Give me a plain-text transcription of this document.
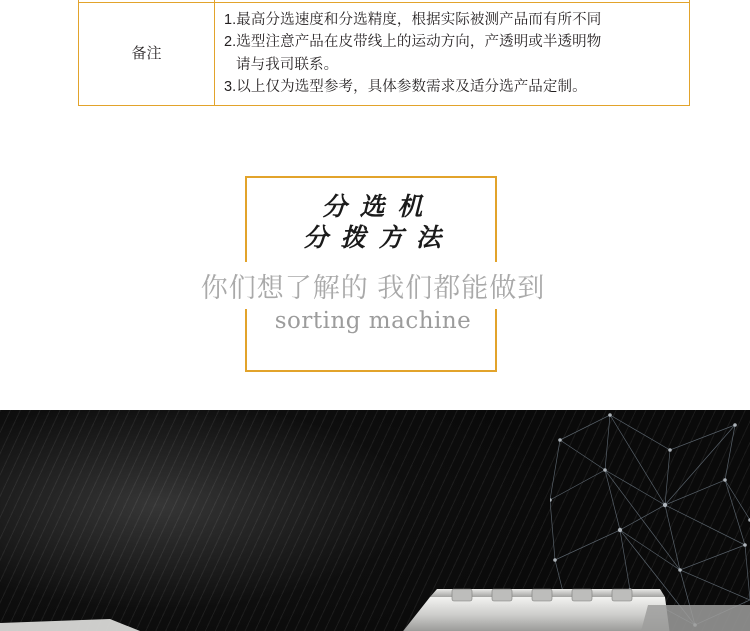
备注	1.最高分选速度和分选精度，根据实际被测产品而有所不同
2.选型注意产品在皮带线上的运动方向，产透明或半透明物
请与我司联系。
3.以上仅为选型参考，具体参数需求及适分选产品定制。
分 选 机
分 拨 方 法
你们想了解的 我们都能做到
sorting machine
